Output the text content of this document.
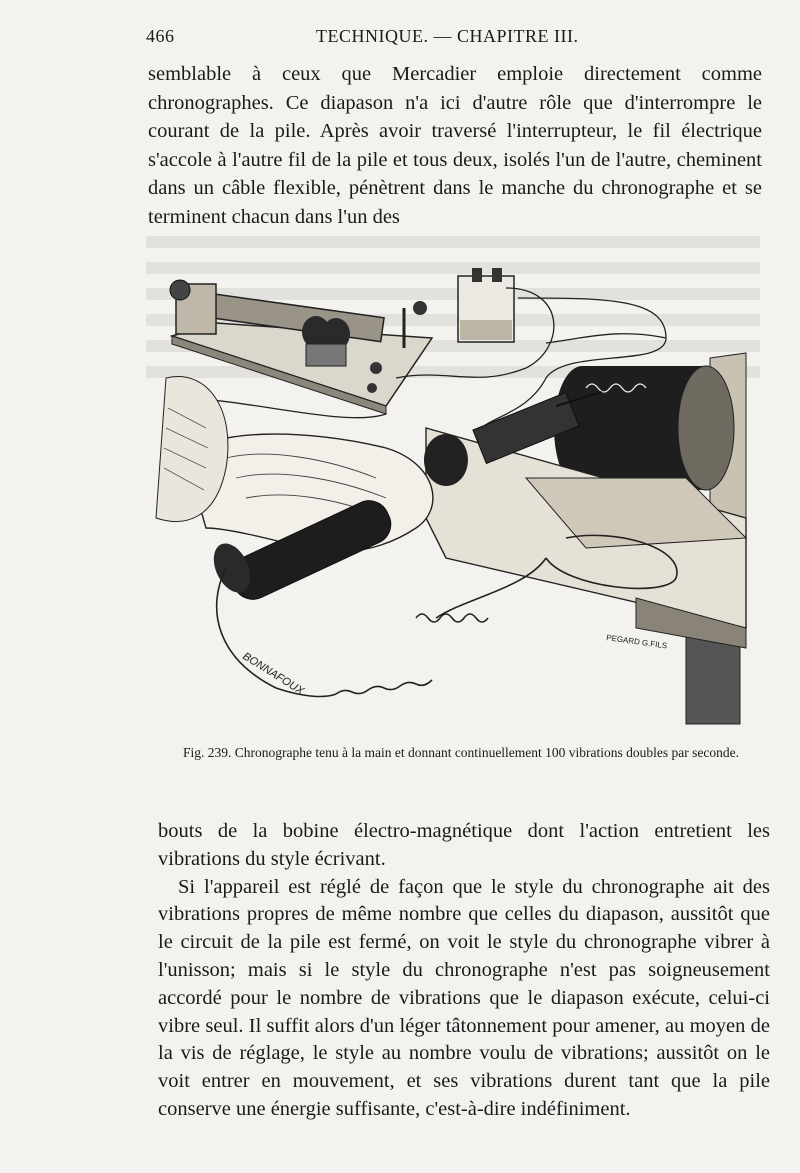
466	TECHNIQUE. — CHAPITRE III.

semblable à ceux que Mercadier emploie directement comme chronographes. Ce diapason n'a ici d'autre rôle que d'interrompre le courant de la pile. Après avoir traversé l'interrupteur, le fil électrique s'accole à l'autre fil de la pile et tous deux, isolés l'un de l'autre, cheminent dans un câble flexible, pénètrent dans le manche du chronographe et se terminent chacun dans l'un des

BONNAFOUX
PEGARD G.FILS
Fig. 239. Chronographe tenu à la main et donnant continuellement 100 vibrations doubles par seconde.

bouts de la bobine électro-magnétique dont l'action entretient les vibrations du style écrivant.

Si l'appareil est réglé de façon que le style du chronographe ait des vibrations propres de même nombre que celles du diapason, aussitôt que le circuit de la pile est fermé, on voit le style du chronographe vibrer à l'unisson; mais si le style du chronographe n'est pas soigneusement accordé pour le nombre de vibrations que le diapason exécute, celui-ci vibre seul. Il suffit alors d'un léger tâtonnement pour amener, au moyen de la vis de réglage, le style au nombre voulu de vibrations; aussitôt on le voit entrer en mouvement, et ses vibrations durent tant que la pile conserve une énergie suffisante, c'est-à-dire indéfiniment.
